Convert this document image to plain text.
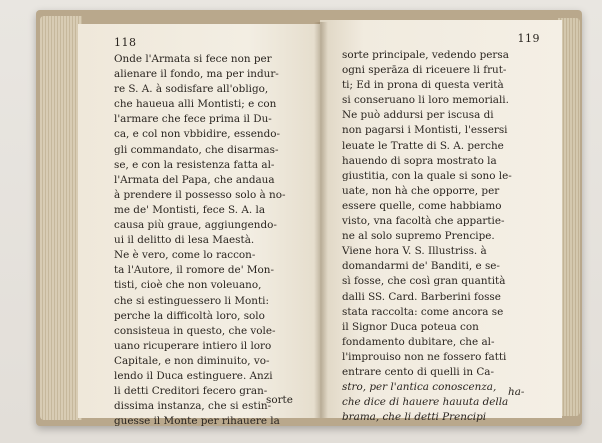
118
Onde l'Armata si fece non per
alienare il fondo, ma per indur-
re S. A. à sodisfare all'obligo,
che haueua alli Montisti; e con
l'armare che fece prima il Du-
ca, e col non vbbidire, essendo-
gli commandato, che disarmas-
se, e con la resistenza fatta al-
l'Armata del Papa, che andaua
à prendere il possesso solo à no-
me de' Montisti, fece S. A. la
causa più graue, aggiungendo-
ui il delitto di lesa Maestà.
Ne è vero, come lo raccon-
ta l'Autore, il romore de' Mon-
tisti, cioè che non voleuano,
che si estinguessero li Monti:
perche la difficoltà loro, solo
consisteua in questo, che vole-
uano ricuperare intiero il loro
Capitale, e non diminuito, vo-
lendo il Duca estinguere. Anzi
li detti Creditori fecero gran-
dissima instanza, che si estin-
guesse il Monte per rihauere la
sorte
119
sorte principale, vedendo persa
ogni sperāza di riceuere li frut-
ti; Ed in prona di questa verità
si conseruano li loro memoriali.
Ne può addursi per iscusa di
non pagarsi i Montisti, l'essersi
leuate le Tratte di S. A. perche
hauendo di sopra mostrato la
giustitia, con la quale si sono le-
uate, non hà che opporre, per
essere quelle, come habbiamo
visto, vna facoltà che appartie-
ne al solo supremo Prencipe.
Viene hora V. S. Illustriss. à
domandarmi de' Banditi, e se-
sì fosse, che così gran quantità
dalli SS. Card. Barberini fosse
stata raccolta: come ancora se
il Signor Duca poteua con
fondamento dubitare, che al-
l'improuiso non ne fossero fatti
entrare cento di quelli in Ca-
stro, per l'antica conoscenza,
che dice di hauere hauuta della
brama, che li detti Prencipi
ha-
